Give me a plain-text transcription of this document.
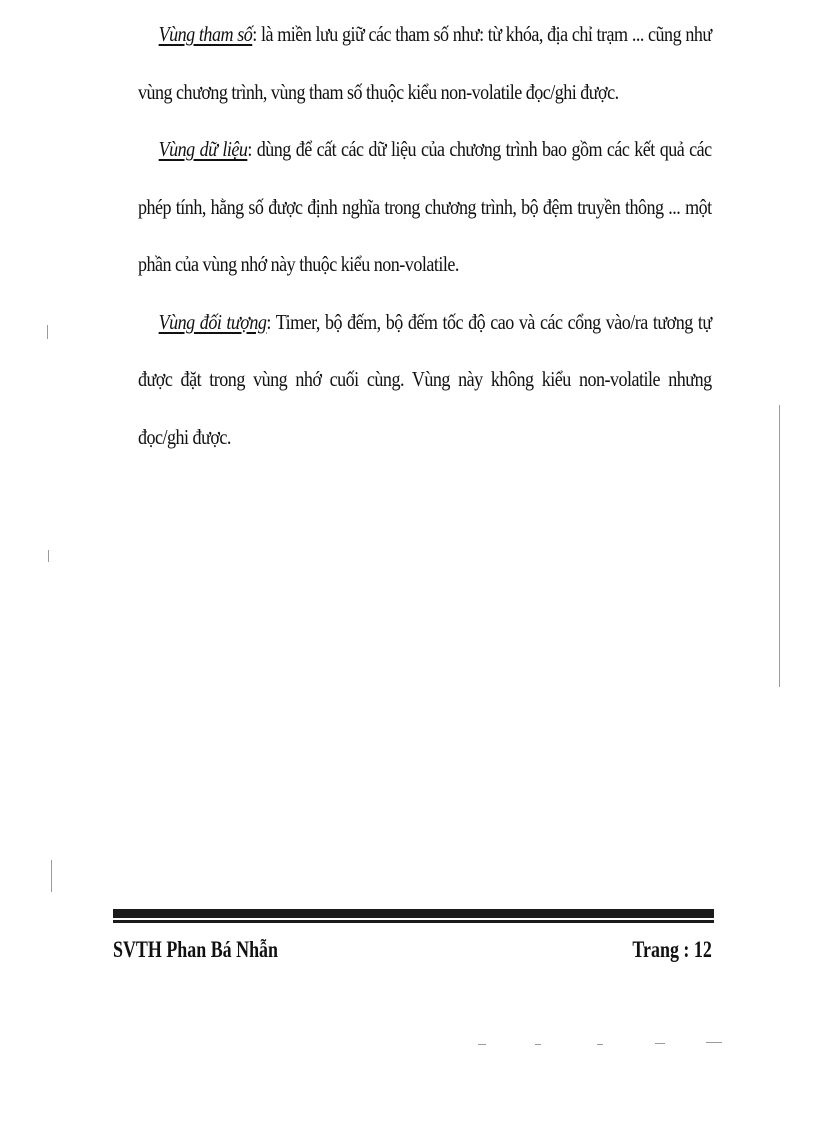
Vùng tham số: là miền lưu giữ các tham số như: từ khóa, địa chỉ trạm ... cũng như vùng chương trình, vùng tham số thuộc kiểu non-volatile đọc/ghi được.

Vùng dữ liệu: dùng để cất các dữ liệu của chương trình bao gồm các kết quả các phép tính, hằng số được định nghĩa trong chương trình, bộ đệm truyền thông ... một phần của vùng nhớ này thuộc kiểu non-volatile.

Vùng đối tượng: Timer, bộ đếm, bộ đếm tốc độ cao và các cổng vào/ra tương tự được đặt trong vùng nhớ cuối cùng. Vùng này không kiểu non-volatile nhưng đọc/ghi được.

SVTH Phan Bá Nhẫn	Trang : 12
